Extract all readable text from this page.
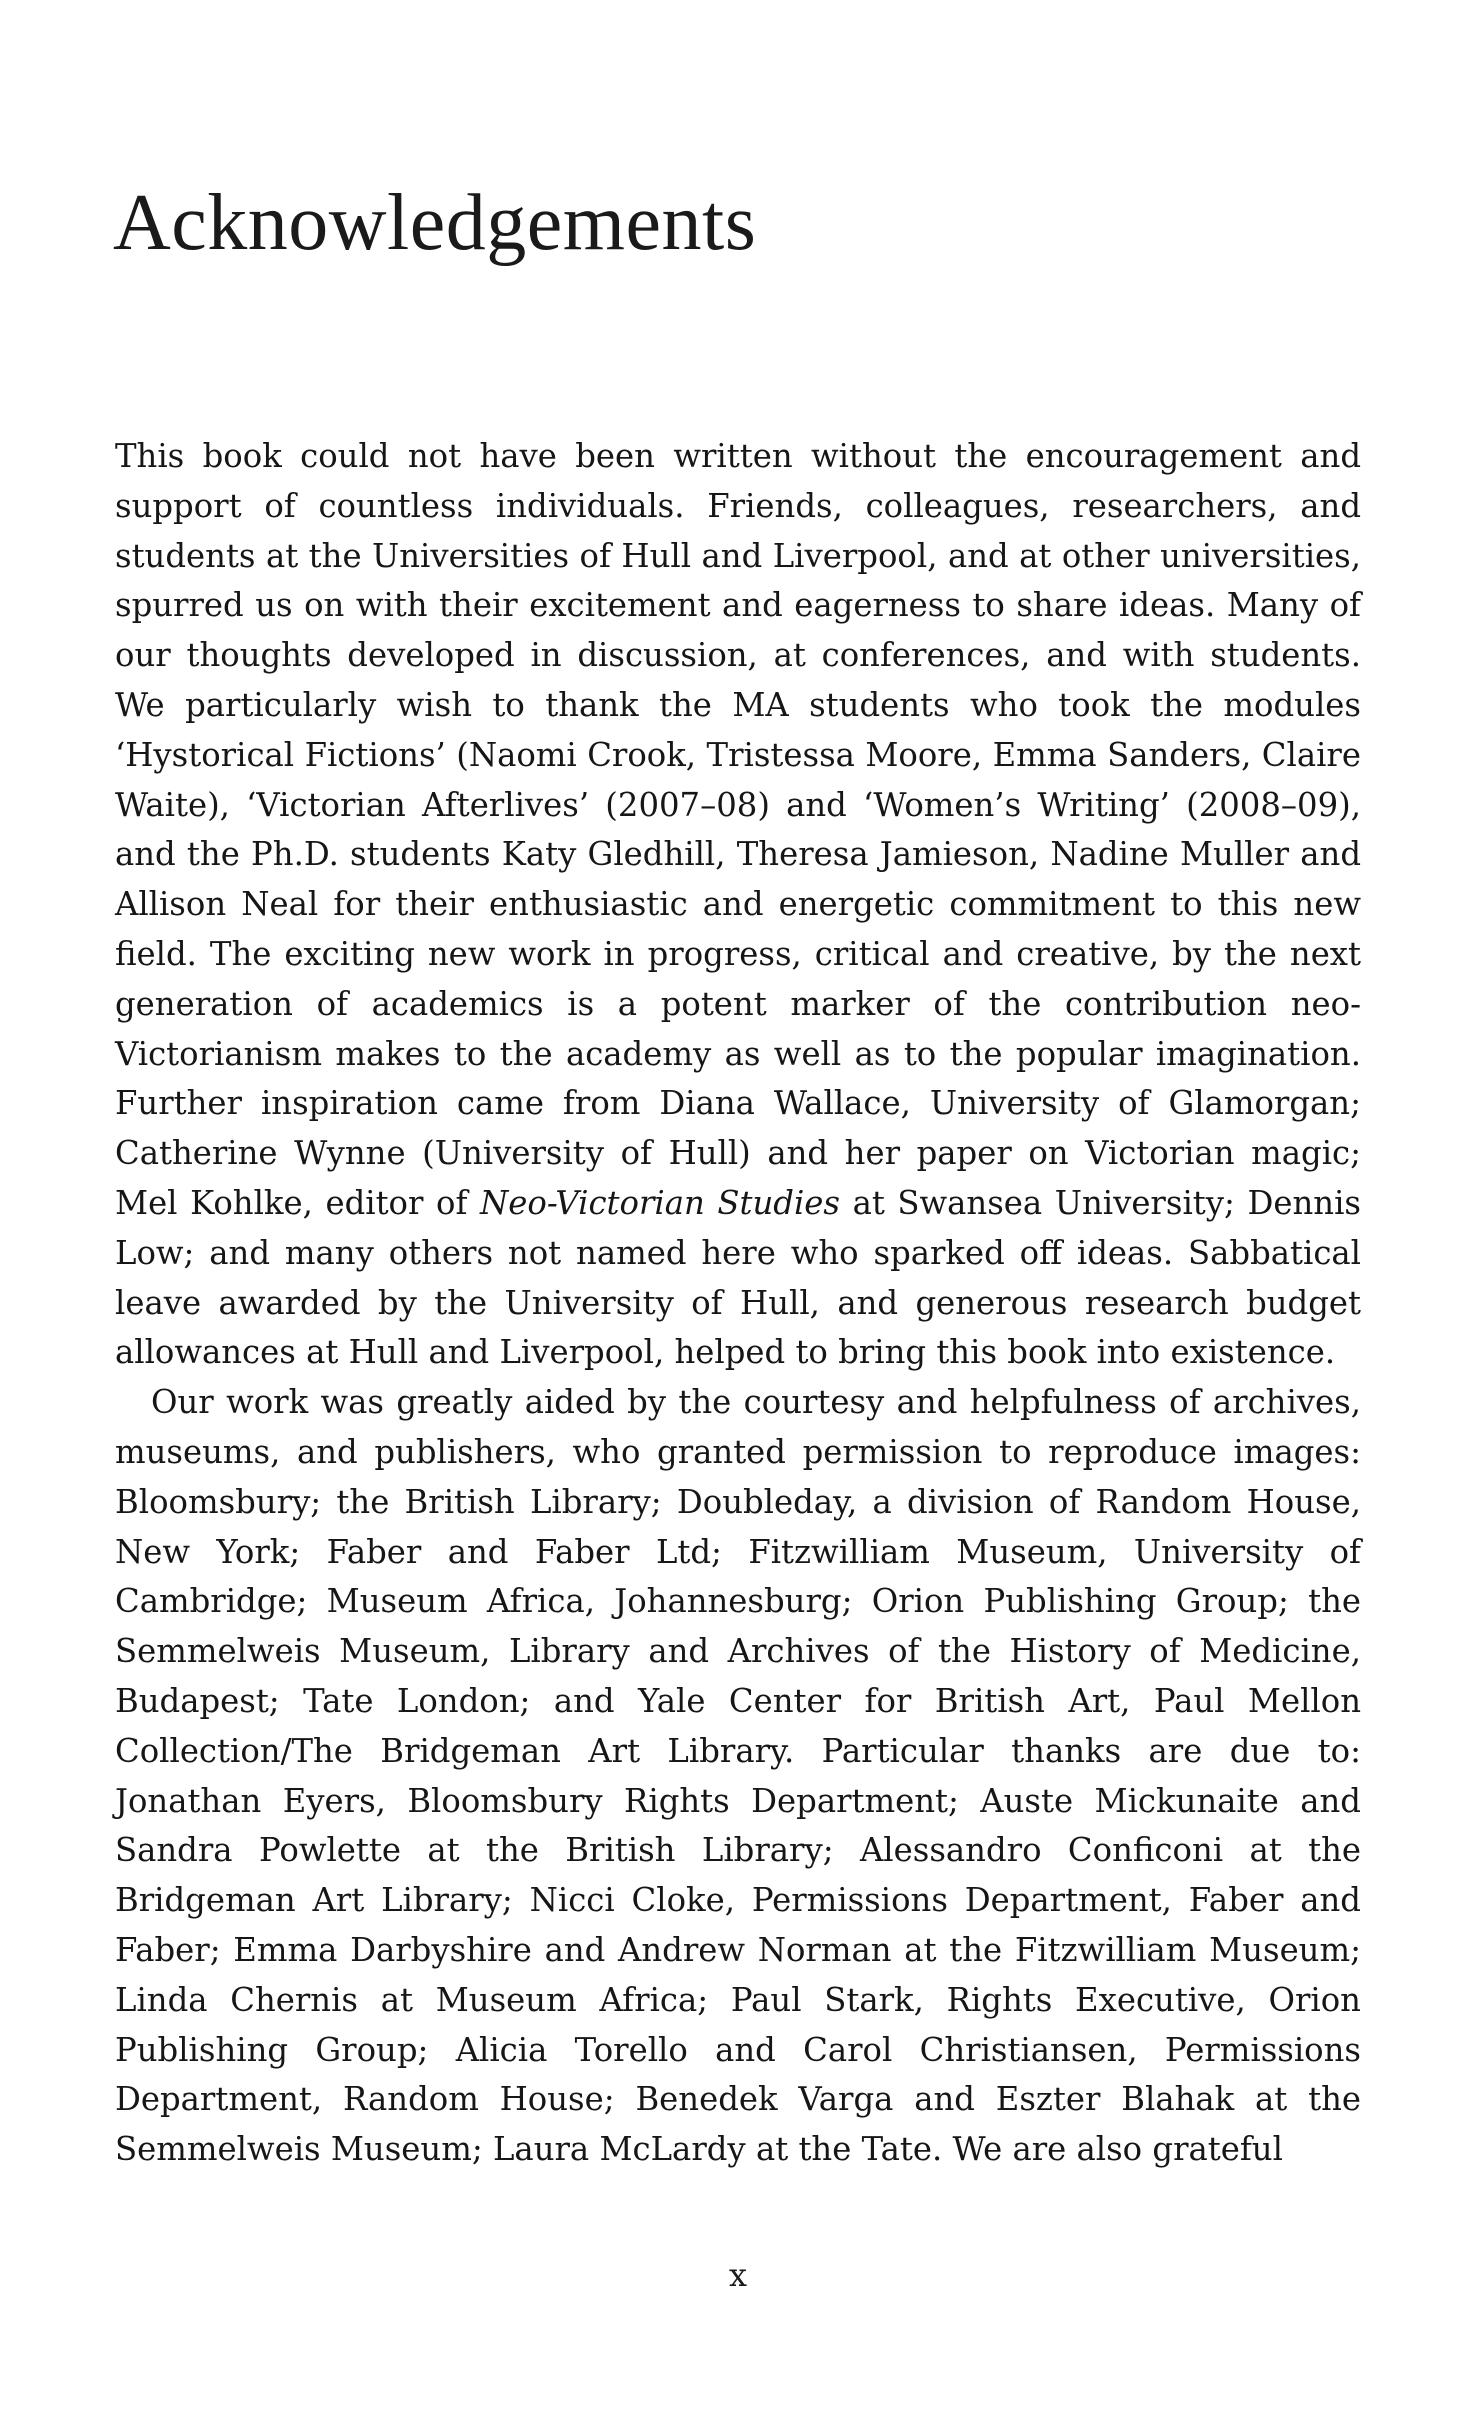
Acknowledgements

This book could not have been written without the encouragement and support of countless individuals. Friends, colleagues, researchers, and students at the Universities of Hull and Liverpool, and at other universities, spurred us on with their excitement and eagerness to share ideas. Many of our thoughts developed in discussion, at conferences, and with students. We particularly wish to thank the MA students who took the modules ‘Hystorical Fictions’ (Naomi Crook, Tristessa Moore, Emma Sanders, Claire Waite), ‘Victorian Afterlives’ (2007–08) and ‘Women’s Writing’ (2008–09), and the Ph.D. students Katy Gledhill, Theresa Jamieson, Nadine Muller and Allison Neal for their enthusiastic and energetic commitment to this new field. The exciting new work in progress, critical and creative, by the next generation of academics is a potent marker of the contribution neo-Victorianism makes to the academy as well as to the popular imagination. Further inspiration came from Diana Wallace, University of Glamorgan; Catherine Wynne (University of Hull) and her paper on Victorian magic; Mel Kohlke, editor of Neo-Victorian Studies at Swansea University; Dennis Low; and many others not named here who sparked off ideas. Sabbatical leave awarded by the University of Hull, and generous research budget allowances at Hull and Liverpool, helped to bring this book into existence.

Our work was greatly aided by the courtesy and helpfulness of archives, museums, and publishers, who granted permission to reproduce images: Bloomsbury; the British Library; Doubleday, a division of Random House, New York; Faber and Faber Ltd; Fitzwilliam Museum, University of Cambridge; Museum Africa, Johannesburg; Orion Publishing Group; the Semmelweis Museum, Library and Archives of the History of Medicine, Budapest; Tate London; and Yale Center for British Art, Paul Mellon Collection/The Bridgeman Art Library. Particular thanks are due to: Jonathan Eyers, Bloomsbury Rights Department; Auste Mickunaite and Sandra Powlette at the British Library; Alessandro Conficoni at the Bridgeman Art Library; Nicci Cloke, Permissions Department, Faber and Faber; Emma Darbyshire and Andrew Norman at the Fitzwilliam Museum; Linda Chernis at Museum Africa; Paul Stark, Rights Executive, Orion Publishing Group; Alicia Torello and Carol Christiansen, Permissions Department, Random House; Benedek Varga and Eszter Blahak at the Semmelweis Museum; Laura McLardy at the Tate. We are also grateful

x
